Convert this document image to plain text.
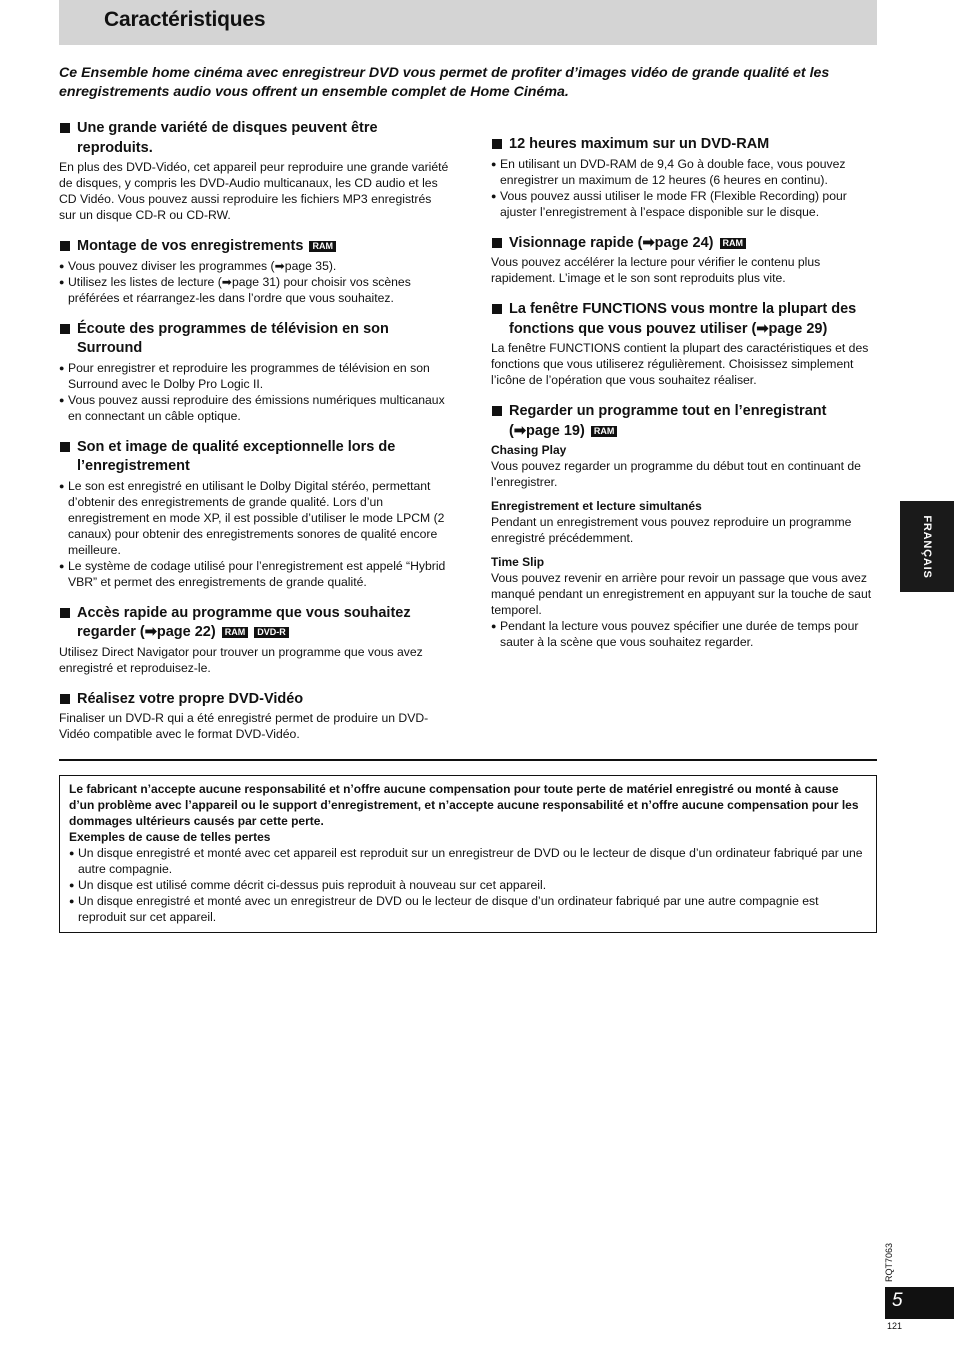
Caractéristiques
Ce Ensemble home cinéma avec enregistreur DVD vous permet de profiter d’images vidéo de grande qualité et les enregistrements audio vous offrent un ensemble complet de Home Cinéma.
Une grande variété de disques peuvent être reproduits.
En plus des DVD-Vidéo, cet appareil peur reproduire une grande variété de disques, y compris les DVD-Audio multicanaux, les CD audio et les CD Vidéo. Vous pouvez aussi reproduire les fichiers MP3 enregistrés sur un disque CD-R ou CD-RW.
Montage de vos enregistrements RAM
● Vous pouvez diviser les programmes (➡page 35).
● Utilisez les listes de lecture (➡page 31) pour choisir vos scènes préférées et réarrangez-les dans l’ordre que vous souhaitez.
Écoute des programmes de télévision en son Surround
● Pour enregistrer et reproduire les programmes de télévision en son Surround avec le Dolby Pro Logic II.
● Vous pouvez aussi reproduire des émissions numériques multicanaux en connectant un câble optique.
Son et image de qualité exceptionnelle lors de l’enregistrement
● Le son est enregistré en utilisant le Dolby Digital stéréo, permettant d’obtenir des enregistrements de grande qualité. Lors d’un enregistrement en mode XP, il est possible d’utiliser le mode LPCM (2 canaux) pour obtenir des enregistrements sonores de qualité encore meilleure.
● Le système de codage utilisé pour l’enregistrement est appelé “Hybrid VBR” et permet des enregistrements de grande qualité.
Accès rapide au programme que vous souhaitez regarder (➡page 22) RAM DVD-R
Utilisez Direct Navigator pour trouver un programme que vous avez enregistré et reproduisez-le.
Réalisez votre propre DVD-Vidéo
Finaliser un DVD-R qui a été enregistré permet de produire un DVD-Vidéo compatible avec le format DVD-Vidéo.
12 heures maximum sur un DVD-RAM
● En utilisant un DVD-RAM de 9,4 Go à double face, vous pouvez enregistrer un maximum de 12 heures (6 heures en continu).
● Vous pouvez aussi utiliser le mode FR (Flexible Recording) pour ajuster l’enregistrement à l’espace disponible sur le disque.
Visionnage rapide (➡page 24) RAM
Vous pouvez accélérer la lecture pour vérifier le contenu plus rapidement. L’image et le son sont reproduits plus vite.
La fenêtre FUNCTIONS vous montre la plupart des fonctions que vous pouvez utiliser (➡page 29)
La fenêtre FUNCTIONS contient la plupart des caractéristiques et des fonctions que vous utiliserez régulièrement. Choisissez simplement l’icône de l’opération que vous souhaitez réaliser.
Regarder un programme tout en l’enregistrant (➡page 19) RAM
Chasing Play
Vous pouvez regarder un programme du début tout en continuant de l’enregistrer.
Enregistrement et lecture simultanés
Pendant un enregistrement vous pouvez reproduire un programme enregistré précédemment.
Time Slip
Vous pouvez revenir en arrière pour revoir un passage que vous avez manqué pendant un enregistrement en appuyant sur la touche de saut temporel.
● Pendant la lecture vous pouvez spécifier une durée de temps pour sauter à la scène que vous souhaitez regarder.
Le fabricant n’accepte aucune responsabilité et n’offre aucune compensation pour toute perte de matériel enregistré ou monté à cause d’un problème avec l’appareil ou le support d’enregistrement, et n’accepte aucune responsabilité et n’offre aucune compensation pour les dommages ultérieurs causés par cette perte.
Exemples de cause de telles pertes
● Un disque enregistré et monté avec cet appareil est reproduit sur un enregistreur de DVD ou le lecteur de disque d’un ordinateur fabriqué par une autre compagnie.
● Un disque est utilisé comme décrit ci-dessus puis reproduit à nouveau sur cet appareil.
● Un disque enregistré et monté avec un enregistreur de DVD ou le lecteur de disque d’un ordinateur fabriqué par une autre compagnie est reproduit sur cet appareil.
FRANÇAIS
RQT7063
5
121
